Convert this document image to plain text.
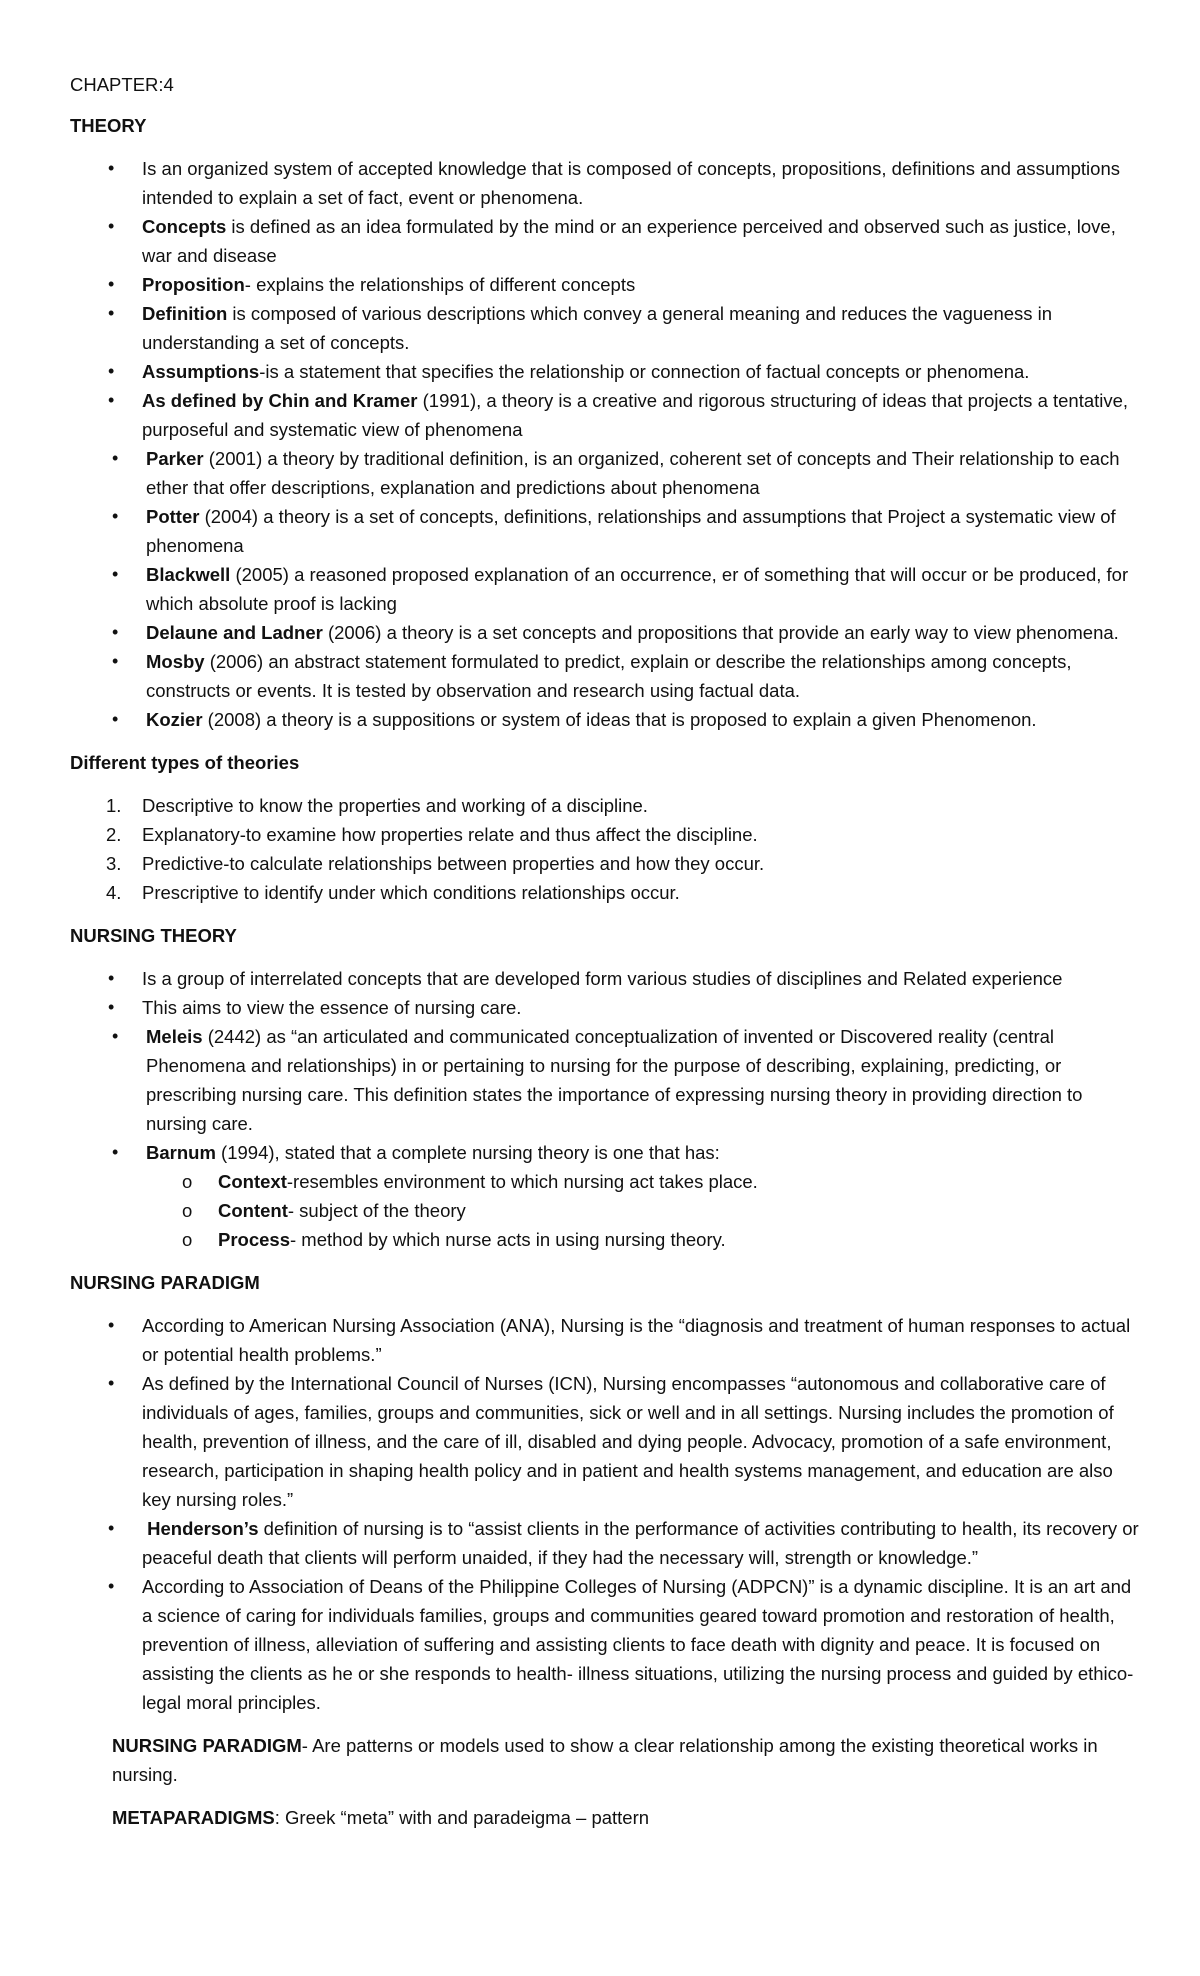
CHAPTER:4

THEORY
• Is an organized system of accepted knowledge that is composed of concepts, propositions, definitions and assumptions intended to explain a set of fact, event or phenomena.
• Concepts is defined as an idea formulated by the mind or an experience perceived and observed such as justice, love, war and disease
• Proposition- explains the relationships of different concepts
• Definition is composed of various descriptions which convey a general meaning and reduces the vagueness in understanding a set of concepts.
• Assumptions-is a statement that specifies the relationship or connection of factual concepts or phenomena.
• As defined by Chin and Kramer (1991), a theory is a creative and rigorous structuring of ideas that projects a tentative, purposeful and systematic view of phenomena
• Parker (2001) a theory by traditional definition, is an organized, coherent set of concepts and Their relationship to each ether that offer descriptions, explanation and predictions about phenomena
• Potter (2004) a theory is a set of concepts, definitions, relationships and assumptions that Project a systematic view of phenomena
• Blackwell (2005) a reasoned proposed explanation of an occurrence, er of something that will occur or be produced, for which absolute proof is lacking
• Delaune and Ladner (2006) a theory is a set concepts and propositions that provide an early way to view phenomena.
• Mosby (2006) an abstract statement formulated to predict, explain or describe the relationships among concepts, constructs or events. It is tested by observation and research using factual data.
• Kozier (2008) a theory is a suppositions or system of ideas that is proposed to explain a given Phenomenon.
Different types of theories
1. Descriptive to know the properties and working of a discipline.
2. Explanatory-to examine how properties relate and thus affect the discipline.
3. Predictive-to calculate relationships between properties and how they occur.
4. Prescriptive to identify under which conditions relationships occur.
NURSING THEORY
• Is a group of interrelated concepts that are developed form various studies of disciplines and Related experience
• This aims to view the essence of nursing care.
• Meleis (2442) as “an articulated and communicated conceptualization of invented or Discovered reality (central Phenomena and relationships) in or pertaining to nursing for the purpose of describing, explaining, predicting, or prescribing nursing care. This definition states the importance of expressing nursing theory in providing direction to nursing care.
• Barnum (1994), stated that a complete nursing theory is one that has:
o Context-resembles environment to which nursing act takes place.
o Content- subject of the theory
o Process- method by which nurse acts in using nursing theory.
NURSING PARADIGM
• According to American Nursing Association (ANA), Nursing is the “diagnosis and treatment of human responses to actual or potential health problems.”
• As defined by the International Council of Nurses (ICN), Nursing encompasses “autonomous and collaborative care of individuals of ages, families, groups and communities, sick or well and in all settings. Nursing includes the promotion of health, prevention of illness, and the care of ill, disabled and dying people. Advocacy, promotion of a safe environment, research, participation in shaping health policy and in patient and health systems management, and education are also key nursing roles.”
• Henderson’s definition of nursing is to “assist clients in the performance of activities contributing to health, its recovery or peaceful death that clients will perform unaided, if they had the necessary will, strength or knowledge.”
• According to Association of Deans of the Philippine Colleges of Nursing (ADPCN)” is a dynamic discipline. It is an art and a science of caring for individuals families, groups and communities geared toward promotion and restoration of health, prevention of illness, alleviation of suffering and assisting clients to face death with dignity and peace. It is focused on assisting the clients as he or she responds to health- illness situations, utilizing the nursing process and guided by ethico-legal moral principles.

NURSING PARADIGM- Are patterns or models used to show a clear relationship among the existing theoretical works in nursing.

METAPARADIGMS: Greek “meta” with and paradeigma – pattern
